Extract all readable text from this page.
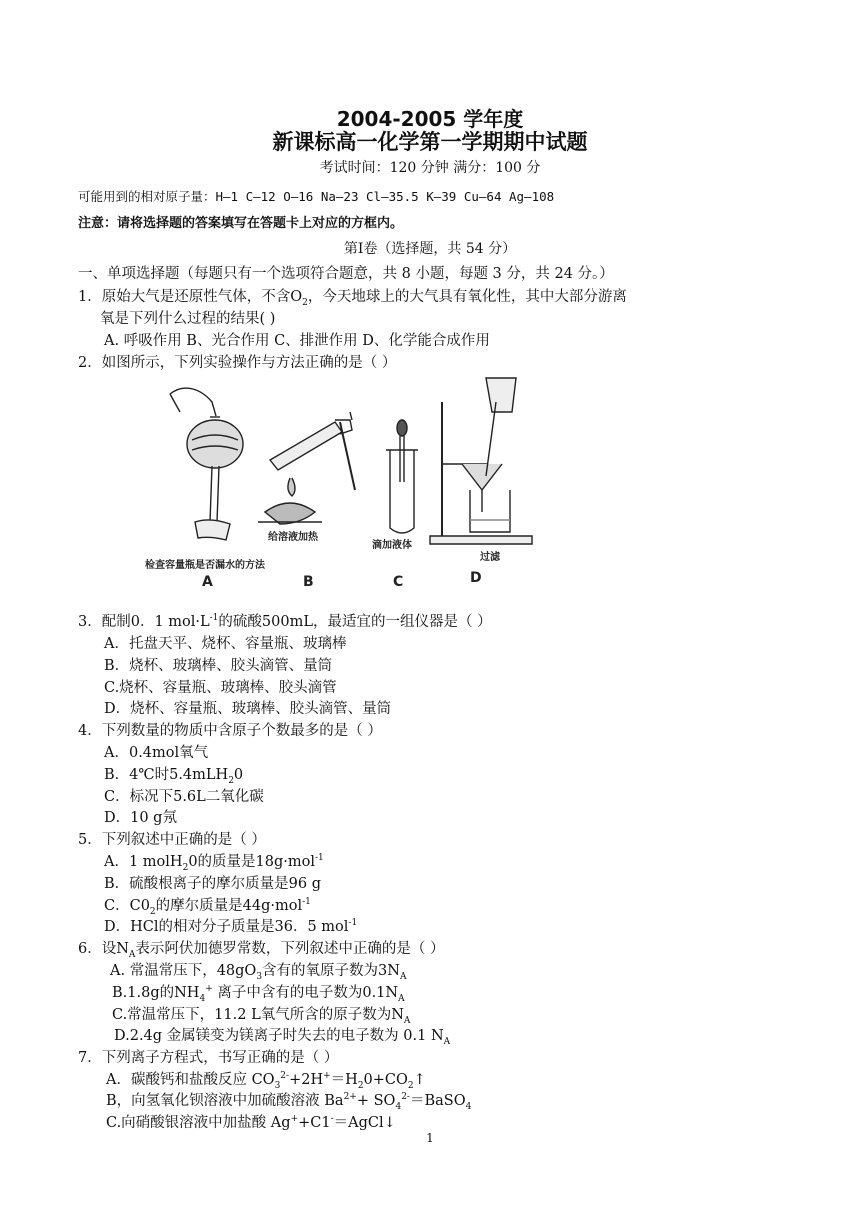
2004-2005 学年度
新课标高一化学第一学期期中试题
考试时间：120 分钟 满分：100 分
可能用到的相对原子量：H—1 C—12 O—16 Na—23 Cl—35.5 K—39 Cu—64 Ag—108
注意：请将选择题的答案填写在答题卡上对应的方框内。
第Ⅰ卷（选择题，共 54 分）
一、单项选择题（每题只有一个选项符合题意，共 8 小题，每题 3 分，共 24 分。）
1．原始大气是还原性气体，不含$O_2$，今天地球上的大气具有氧化性，其中大部分游离
氧是下列什么过程的结果( )
A. 呼吸作用 B、光合作用 C、排泄作用 D、化学能合成作用
2．如图所示，下列实验操作与方法正确的是（ ）
检查容量瓶是否漏水的方法
A
给溶液加热
B
滴加液体
C
过滤
D
3．配制0．1 $mol\cdot L^{-1}$的硫酸500mL，最适宜的一组仪器是（ ）
A．托盘天平、烧杯、容量瓶、玻璃棒
B．烧杯、玻璃棒、胶头滴管、量筒
C.烧杯、容量瓶、玻璃棒、胶头滴管
D．烧杯、容量瓶、玻璃棒、胶头滴管、量筒
4．下列数量的物质中含原子个数最多的是（ ）
A．0.4mol氧气
B．4℃时5.4mLH$_2$0
C．标况下5.6L二氧化碳
D．10 g氖
5．下列叙述中正确的是（ ）
A．1 molH$_2$0的质量是18g·mol$^{-1}$
B．硫酸根离子的摩尔质量是96 g
C．$C0_2$的摩尔质量是44g·mol$^{-1}$
D．HCl的相对分子质量是36．5 mol$^{-1}$
6．设$N_A$表示阿伏加德罗常数，下列叙述中正确的是（ ）
A. 常温常压下，$48gO_3$含有的氧原子数为$3N_A$
B.1.8g的$NH_4^+$ 离子中含有的电子数为$0.1N_A$
C.常温常压下，11.2 L氧气所含的原子数为$N_A$
D.2.4g 金属镁变为镁离子时失去的电子数为 0.1 $N_A$
7．下列离子方程式，书写正确的是（ ）
A．碳酸钙和盐酸反应 $CO_3^{2-}+2H^+=H_20+CO_2↑$
B，向氢氧化钡溶液中加硫酸溶液 $Ba^{2+}+$ $SO_4^{2-}=BaSO_4$
C.向硝酸银溶液中加盐酸 Ag++C1-＝AgCl↓
1
